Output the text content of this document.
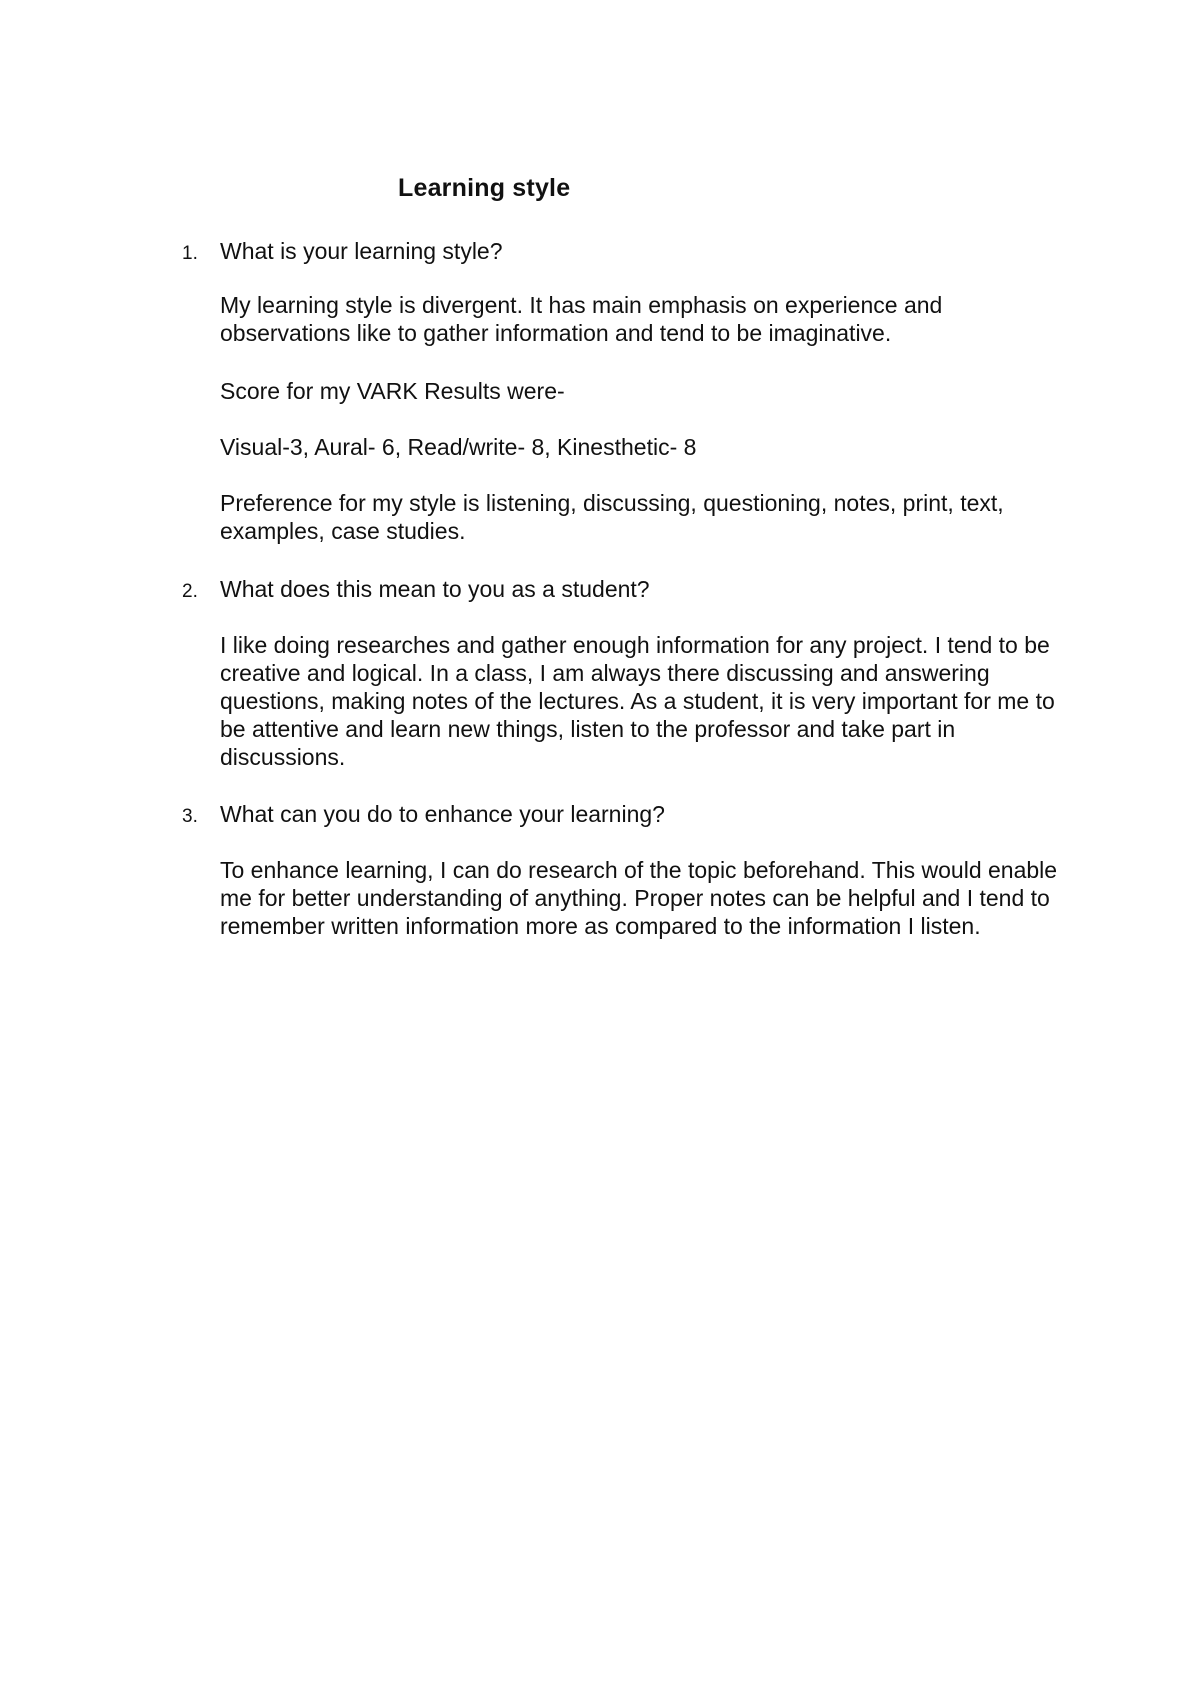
Learning style
1. What is your learning style?

My learning style is divergent. It has main emphasis on experience and observations like to gather information and tend to be imaginative.

Score for my VARK Results were-

Visual-3, Aural- 6, Read/write- 8, Kinesthetic- 8

Preference for my style is listening, discussing, questioning, notes, print, text, examples, case studies.

2. What does this mean to you as a student?

I like doing researches and gather enough information for any project. I tend to be creative and logical. In a class, I am always there discussing and answering questions, making notes of the lectures. As a student, it is very important for me to be attentive and learn new things, listen to the professor and take part in discussions.

3. What can you do to enhance your learning?

To enhance learning, I can do research of the topic beforehand. This would enable me for better understanding of anything. Proper notes can be helpful and I tend to remember written information more as compared to the information I listen.
